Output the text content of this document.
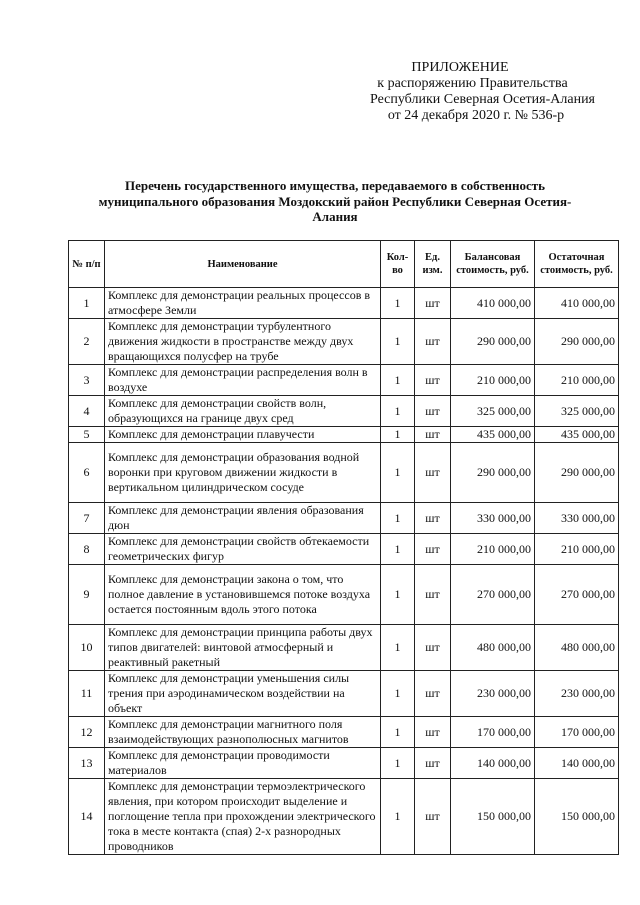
ПРИЛОЖЕНИЕ
к распоряжению Правительства
Республики Северная Осетия-Алания
от 24 декабря 2020 г. № 536-р
Перечень государственного имущества, передаваемого в собственность муниципального образования Моздокский район Республики Северная Осетия-Алания
№ п/п	Наименование	Кол-во	Ед. изм.	Балансовая стоимость, руб.	Остаточная стоимость, руб.
1	Комплекс для демонстрации реальных процессов в атмосфере Земли	1	шт	410 000,00	410 000,00
2	Комплекс для демонстрации турбулентного движения жидкости в пространстве между двух вращающихся полусфер на трубе	1	шт	290 000,00	290 000,00
3	Комплекс для демонстрации распределения волн в воздухе	1	шт	210 000,00	210 000,00
4	Комплекс для демонстрации свойств волн, образующихся на границе двух сред	1	шт	325 000,00	325 000,00
5	Комплекс для демонстрации плавучести	1	шт	435 000,00	435 000,00
6	Комплекс для демонстрации образования водной воронки при круговом движении жидкости в вертикальном цилиндрическом сосуде	1	шт	290 000,00	290 000,00
7	Комплекс для демонстрации явления образования дюн	1	шт	330 000,00	330 000,00
8	Комплекс для демонстрации свойств обтекаемости геометрических фигур	1	шт	210 000,00	210 000,00
9	Комплекс для демонстрации закона о том, что полное давление в установившемся потоке воздуха остается постоянным вдоль этого потока	1	шт	270 000,00	270 000,00
10	Комплекс для демонстрации принципа работы двух типов двигателей: винтовой атмосферный и реактивный ракетный	1	шт	480 000,00	480 000,00
11	Комплекс для демонстрации уменьшения силы трения при аэродинамическом воздействии на объект	1	шт	230 000,00	230 000,00
12	Комплекс для демонстрации магнитного поля взаимодействующих разнополюсных магнитов	1	шт	170 000,00	170 000,00
13	Комплекс для демонстрации проводимости материалов	1	шт	140 000,00	140 000,00
14	Комплекс для демонстрации термоэлектрического явления, при котором происходит выделение и поглощение тепла при прохождении электрического тока в месте контакта (спая) 2-х разнородных проводников	1	шт	150 000,00	150 000,00
